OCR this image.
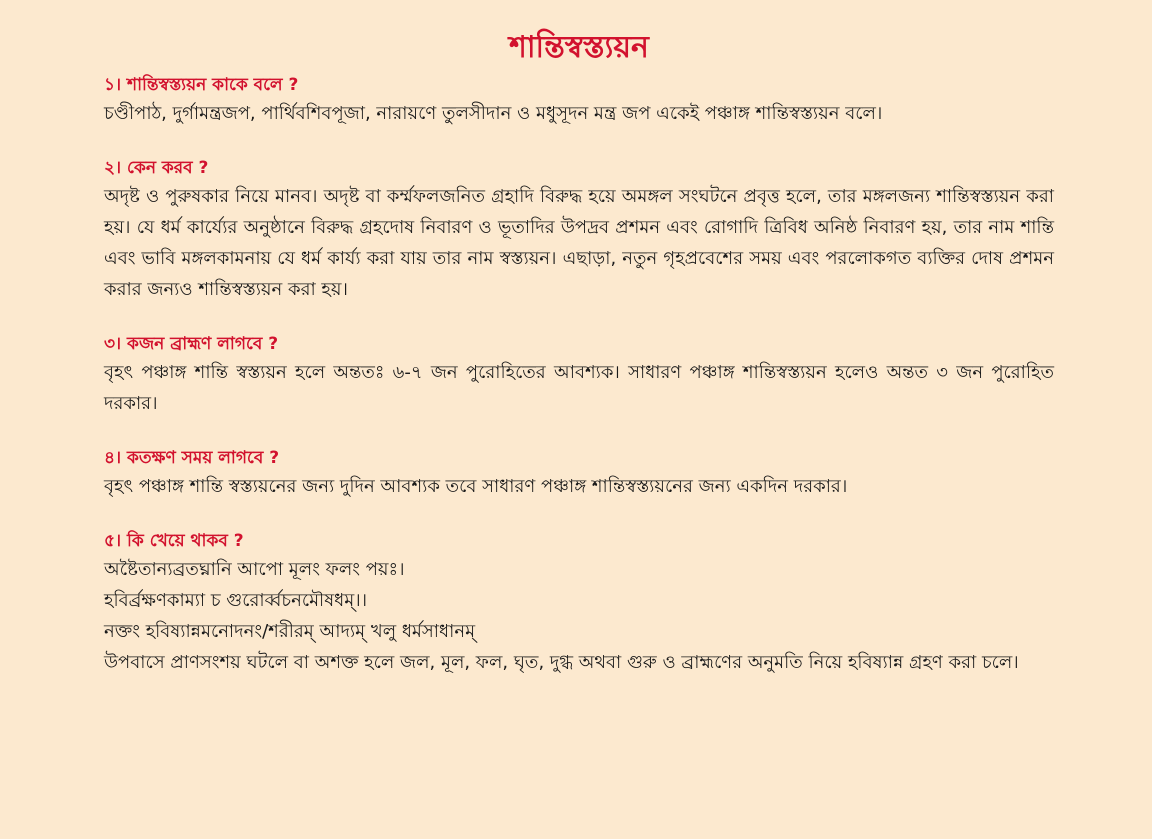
শান্তিস্বস্ত্যয়ন

১। শান্তিস্বস্ত্যয়ন কাকে বলে ?

চণ্ডীপাঠ, দুর্গামন্ত্রজপ, পার্থিবশিবপূজা, নারায়ণে তুলসীদান ও মধুসূদন মন্ত্র জপ একেই পঞ্চাঙ্গ শান্তিস্বস্ত্যয়ন বলে।

২। কেন করব ?

অদৃষ্ট ও পুরুষকার নিয়ে মানব। অদৃষ্ট বা কর্ম্মফলজনিত গ্রহাদি বিরুদ্ধ হয়ে অমঙ্গল সংঘটনে প্রবৃত্ত হলে, তার মঙ্গলজন্য শান্তিস্বস্ত্যয়ন করা হয়। যে ধর্ম কার্য্যের অনুষ্ঠানে বিরুদ্ধ গ্রহদোষ নিবারণ ও ভূতাদির উপদ্রব প্রশমন এবং রোগাদি ত্রিবিধ অনিষ্ঠ নিবারণ হয়, তার নাম শান্তি এবং ভাবি মঙ্গলকামনায় যে ধর্ম কার্য্য করা যায় তার নাম স্বস্ত্যয়ন। এছাড়া, নতুন গৃহপ্রবেশের সময় এবং পরলোকগত ব্যক্তির দোষ প্রশমন করার জন্যও শান্তিস্বস্ত্যয়ন করা হয়।

৩। কজন ব্রাহ্মণ লাগবে ?

বৃহৎ পঞ্চাঙ্গ শান্তি স্বস্ত্যয়ন হলে অন্ততঃ ৬-৭ জন পুরোহিতের আবশ্যক। সাধারণ পঞ্চাঙ্গ শান্তিস্বস্ত্যয়ন হলেও অন্তত ৩ জন পুরোহিত দরকার।

৪। কতক্ষণ সময় লাগবে ?

বৃহৎ পঞ্চাঙ্গ শান্তি স্বস্ত্যয়নের জন্য দুদিন আবশ্যক তবে সাধারণ পঞ্চাঙ্গ শান্তিস্বস্ত্যয়নের জন্য একদিন দরকার।

৫। কি খেয়ে থাকব ?

অষ্টৈতান্যব্রতঘ্নানি আপো মূলং ফলং পয়ঃ।

হবির্ব্রক্ষণকাম্যা চ গুরোর্ব্বচনমৌষধম্।।

নক্তং হবিষ্যান্নমনোদনং/শরীরম্ আদ্যম্ খলু ধর্মসাধানম্

উপবাসে প্রাণসংশয় ঘটলে বা অশক্ত হলে জল, মূল, ফল, ঘৃত, দুগ্ধ অথবা গুরু ও ব্রাহ্মণের অনুমতি নিয়ে হবিষ্যান্ন গ্রহণ করা চলে।
